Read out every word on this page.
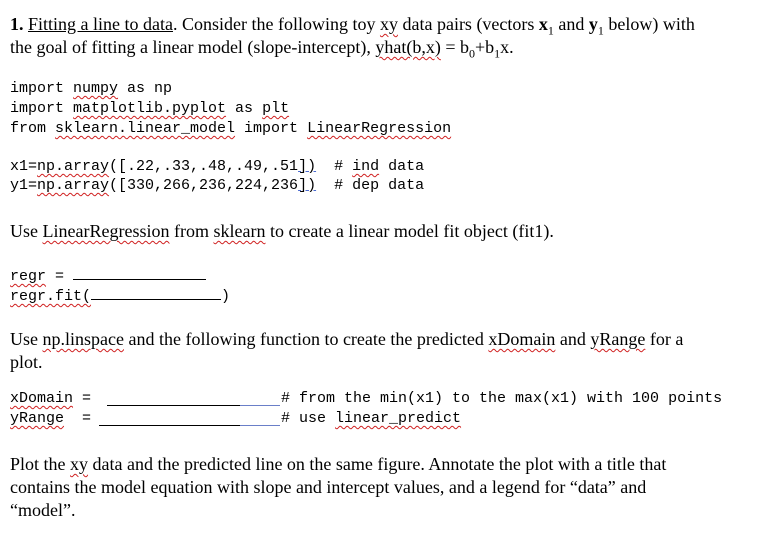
1. Fitting a line to data. Consider the following toy xy data pairs (vectors $x_1$ and $y_1$ below) with
the goal of fitting a linear model (slope-intercept), yhat(b,x) = $b_0+b_1x$.
import numpy as np
import matplotlib.pyplot as plt
from sklearn.linear_model import LinearRegression
x1=np.array([.22,.33,.48,.49,.51])  # ind data
y1=np.array([330,266,236,224,236])  # dep data
Use LinearRegression from sklearn to create a linear model fit object (fit1).
regr =
regr.fit(	)
Use np.linspace and the following function to create the predicted xDomain and yRange for a
plot.
xDomain =	# from the min(x1) to the max(x1) with 100 points
yRange  =	# use linear_predict
Plot the xy data and the predicted line on the same figure. Annotate the plot with a title that
contains the model equation with slope and intercept values, and a legend for “data” and
“model”.
